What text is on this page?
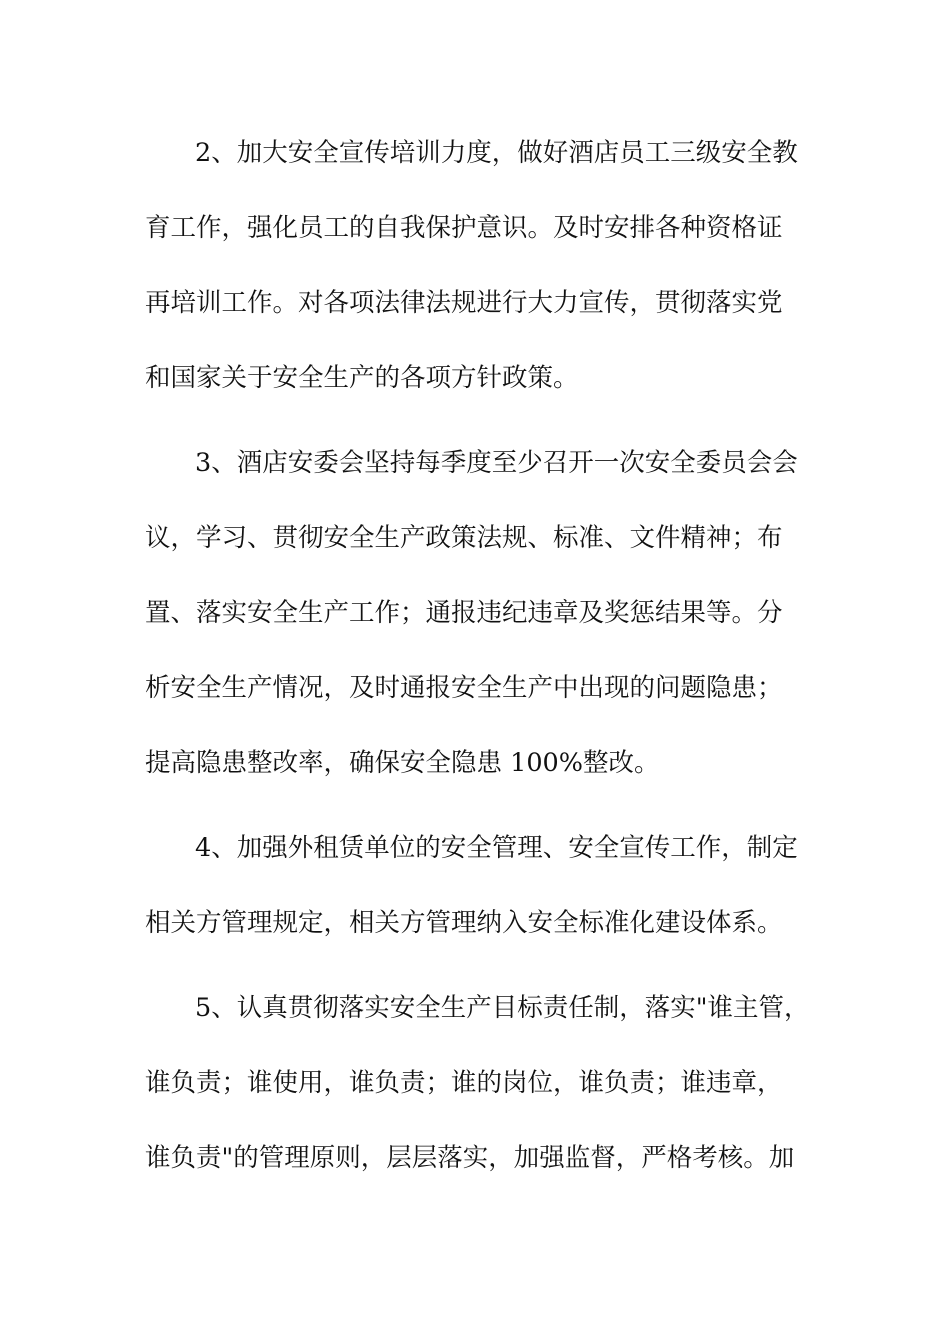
2、加大安全宣传培训力度，做好酒店员工三级安全教
育工作，强化员工的自我保护意识。及时安排各种资格证
再培训工作。对各项法律法规进行大力宣传，贯彻落实党
和国家关于安全生产的各项方针政策。
3、酒店安委会坚持每季度至少召开一次安全委员会会
议，学习、贯彻安全生产政策法规、标准、文件精神；布
置、落实安全生产工作；通报违纪违章及奖惩结果等。分
析安全生产情况，及时通报安全生产中出现的问题隐患；
提高隐患整改率，确保安全隐患 100%整改。
4、加强外租赁单位的安全管理、安全宣传工作，制定
相关方管理规定，相关方管理纳入安全标准化建设体系。
5、认真贯彻落实安全生产目标责任制，落实"谁主管，
谁负责；谁使用，谁负责；谁的岗位，谁负责；谁违章，
谁负责"的管理原则，层层落实，加强监督，严格考核。加
